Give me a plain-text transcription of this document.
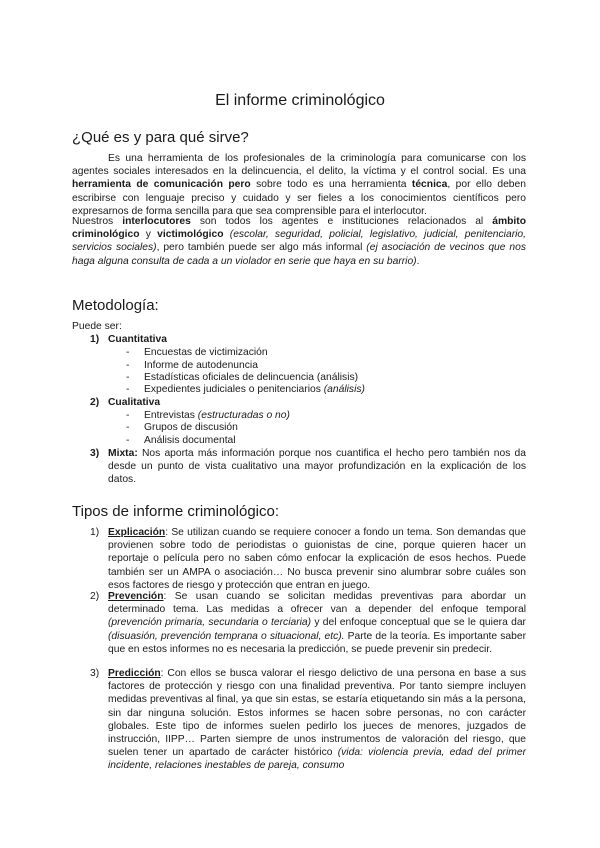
El informe criminológico
¿Qué es y para qué sirve?

Es una herramienta de los profesionales de la criminología para comunicarse con los agentes sociales interesados en la delincuencia, el delito, la víctima y el control social. Es una herramienta de comunicación pero sobre todo es una herramienta técnica, por ello deben escribirse con lenguaje preciso y cuidado y ser fieles a los conocimientos científicos pero expresarnos de forma sencilla para que sea comprensible para el interlocutor.

Nuestros interlocutores son todos los agentes e instituciones relacionados al ámbito criminológico y victimológico (escolar, seguridad, policial, legislativo, judicial, penitenciario, servicios sociales), pero también puede ser algo más informal (ej asociación de vecinos que nos haga alguna consulta de cada a un violador en serie que haya en su barrio).

Metodología:
Puede ser:
1) Cuantitativa
- Encuestas de victimización
- Informe de autodenuncia
- Estadísticas oficiales de delincuencia (análisis)
- Expedientes judiciales o penitenciarios (análisis)
2) Cualitativa
- Entrevistas (estructuradas o no)
- Grupos de discusión
- Análisis documental
3) Mixta: Nos aporta más información porque nos cuantifica el hecho pero también nos da desde un punto de vista cualitativo una mayor profundización en la explicación de los datos.

Tipos de informe criminológico:
1) Explicación: Se utilizan cuando se requiere conocer a fondo un tema. Son demandas que provienen sobre todo de periodistas o guionistas de cine, porque quieren hacer un reportaje o película pero no saben cómo enfocar la explicación de esos hechos. Puede también ser un AMPA o asociación… No busca prevenir sino alumbrar sobre cuáles son esos factores de riesgo y protección que entran en juego.

2) Prevención: Se usan cuando se solicitan medidas preventivas para abordar un determinado tema. Las medidas a ofrecer van a depender del enfoque temporal (prevención primaria, secundaria o terciaria) y del enfoque conceptual que se le quiera dar (disuasión, prevención temprana o situacional, etc). Parte de la teoría. Es importante saber que en estos informes no es necesaria la predicción, se puede prevenir sin predecir.

3) Predicción: Con ellos se busca valorar el riesgo delictivo de una persona en base a sus factores de protección y riesgo con una finalidad preventiva. Por tanto siempre incluyen medidas preventivas al final, ya que sin estas, se estaría etiquetando sin más a la persona, sin dar ninguna solución. Estos informes se hacen sobre personas, no con carácter globales. Este tipo de informes suelen pedirlo los jueces de menores, juzgados de instrucción, IIPP… Parten siempre de unos instrumentos de valoración del riesgo, que suelen tener un apartado de carácter histórico (vida: violencia previa, edad del primer incidente, relaciones inestables de pareja, consumo
